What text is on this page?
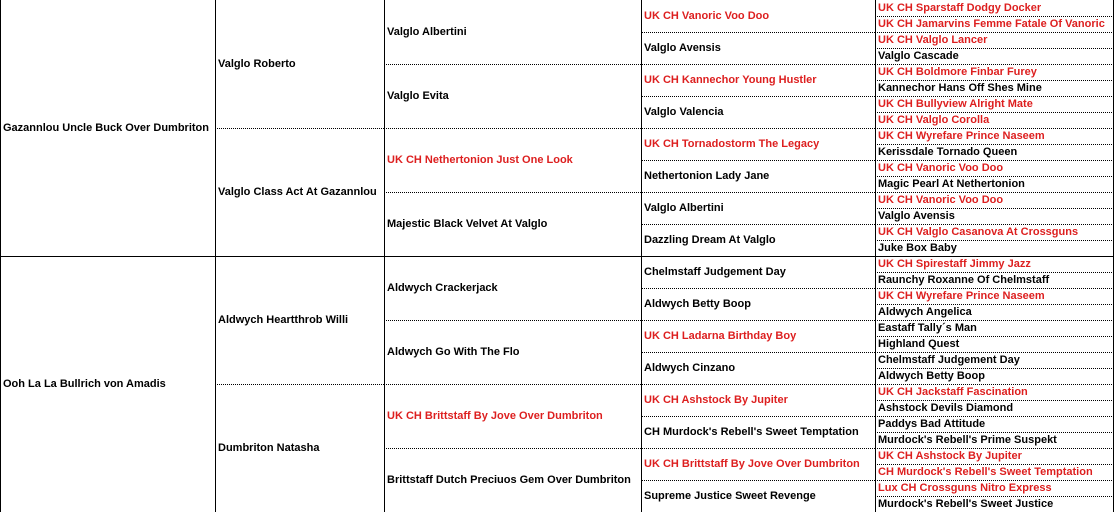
Gazannlou Uncle Buck Over Dumbriton
Valglo Roberto
Valglo Albertini
UK CH Vanoric Voo Doo
UK CH Sparstaff Dodgy Docker
UK CH Jamarvins Femme Fatale Of Vanoric
Valglo Avensis
UK CH Valglo Lancer
Valglo Cascade
Valglo Evita
UK CH Kannechor Young Hustler
UK CH Boldmore Finbar Furey
Kannechor Hans Off Shes Mine
Valglo Valencia
UK CH Bullyview Alright Mate
UK CH Valglo Corolla
Valglo Class Act At Gazannlou
UK CH Nethertonion Just One Look
UK CH Tornadostorm The Legacy
UK CH Wyrefare Prince Naseem
Kerissdale Tornado Queen
Nethertonion Lady Jane
UK CH Vanoric Voo Doo
Magic Pearl At Nethertonion
Majestic Black Velvet At Valglo
Valglo Albertini
UK CH Vanoric Voo Doo
Valglo Avensis
Dazzling Dream At Valglo
UK CH Valglo Casanova At Crossguns
Juke Box Baby
Ooh La La Bullrich von Amadis
Aldwych Heartthrob Willi
Aldwych Crackerjack
Chelmstaff Judgement Day
UK CH Spirestaff Jimmy Jazz
Raunchy Roxanne Of Chelmstaff
Aldwych Betty Boop
UK CH Wyrefare Prince Naseem
Aldwych Angelica
Aldwych Go With The Flo
UK CH Ladarna Birthday Boy
Eastaff Tally´s Man
Highland Quest
Aldwych Cinzano
Chelmstaff Judgement Day
Aldwych Betty Boop
Dumbriton Natasha
UK CH Brittstaff By Jove Over Dumbriton
UK CH Ashstock By Jupiter
UK CH Jackstaff Fascination
Ashstock Devils Diamond
CH Murdock's Rebell's Sweet Temptation
Paddys Bad Attitude
Murdock's Rebell's Prime Suspekt
Brittstaff Dutch Preciuos Gem Over Dumbriton
UK CH Brittstaff By Jove Over Dumbriton
UK CH Ashstock By Jupiter
CH Murdock's Rebell's Sweet Temptation
Supreme Justice Sweet Revenge
Lux CH Crossguns Nitro Express
Murdock's Rebell's Sweet Justice
